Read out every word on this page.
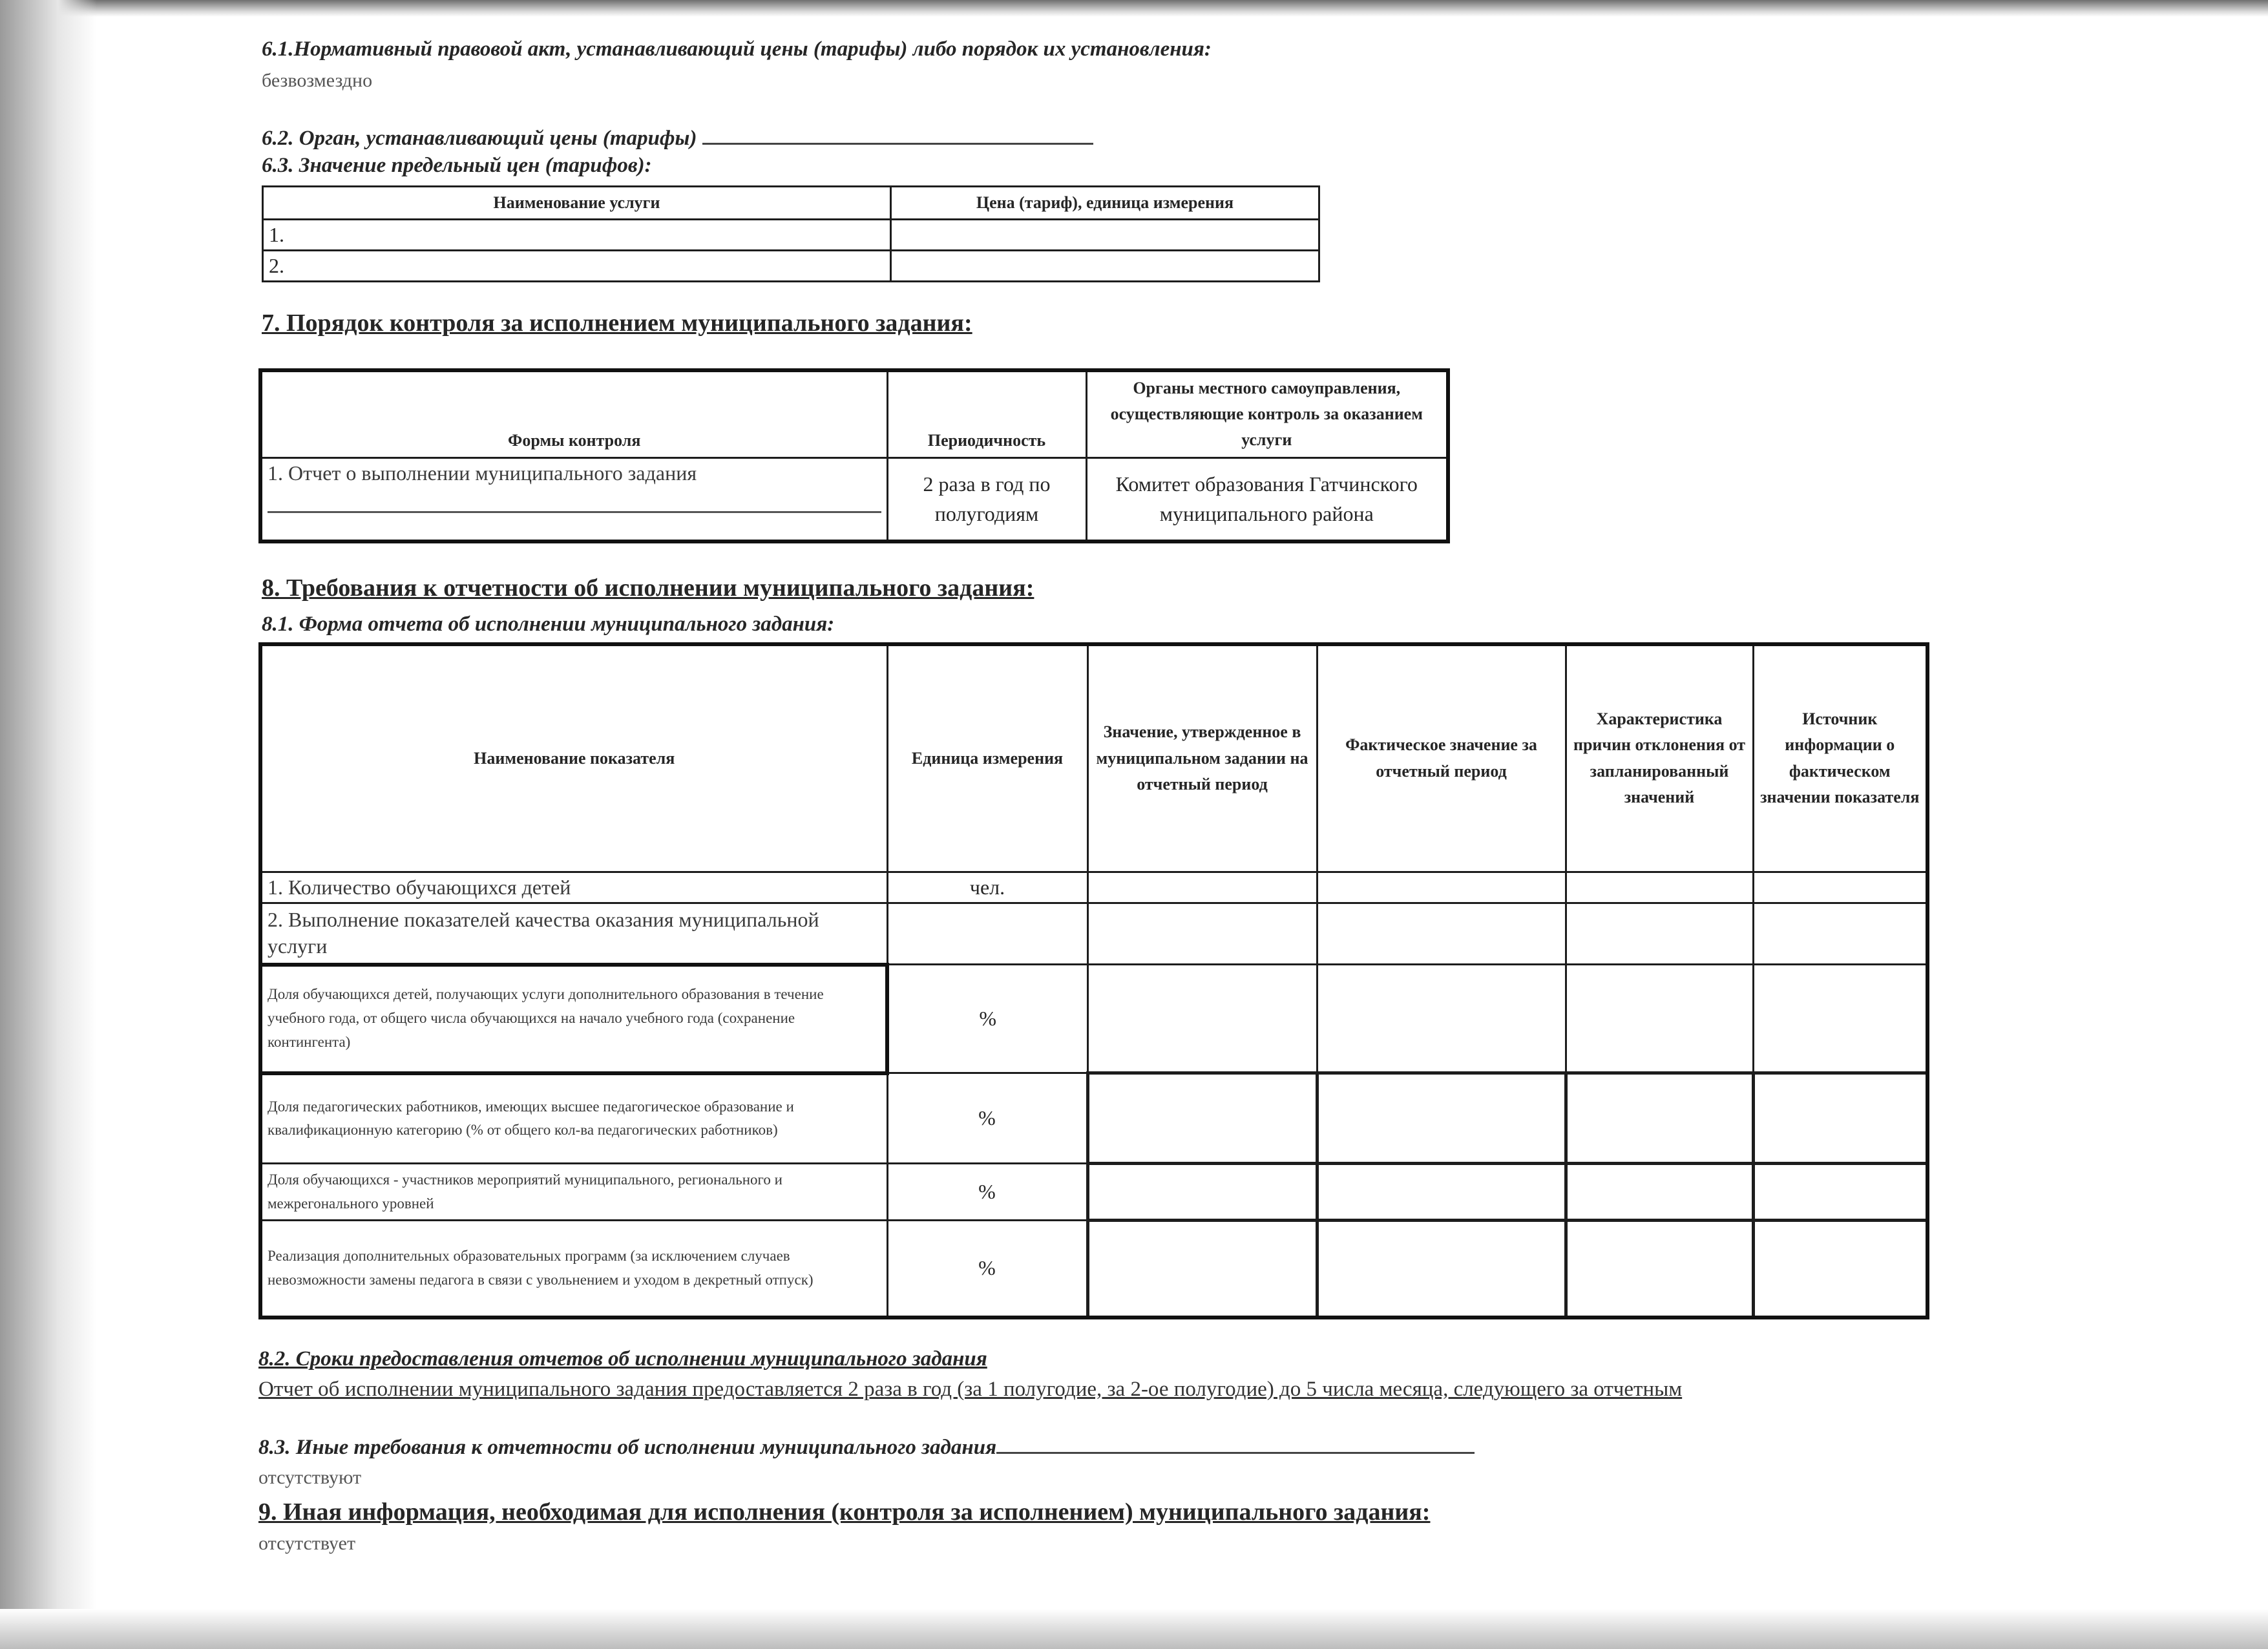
6.1.Нормативный правовой акт, устанавливающий цены (тарифы) либо порядок их установления:
безвозмездно
6.2. Орган, устанавливающий цены (тарифы)
6.3. Значение предельный цен (тарифов):
Наименование услуги	Цена (тариф), единица измерения
1.	
2.	
7. Порядок контроля за исполнением муниципального задания:
Формы контроля	Периодичность	Органы местного самоуправления, осуществляющие контроль за оказанием услуги

1. Отчет о выполнении муниципального задания	2 раза в год по полугодиям	Комитет образования Гатчинского муниципального района
8. Требования к отчетности об исполнении муниципального задания:
8.1. Форма отчета об исполнении муниципального задания:
Наименование показателя	Единица измерения	Значение, утвержденное в муниципальном задании на отчетный период	Фактическое значение за отчетный период	Характеристика причин отклонения от запланированный значений	Источник информации о фактическом значении показателя
1. Количество обучающихся детей	чел.				
2. Выполнение показателей качества оказания муниципальной услуги					
Доля обучающихся детей, получающих услуги дополнительного образования в течение учебного года, от общего числа обучающихся на начало учебного года (сохранение контингента)	%				
Доля педагогических работников, имеющих высшее педагогическое образование и квалификационную категорию (% от общего кол-ва педагогических работников)	%				
Доля обучающихся - участников мероприятий муниципального, регионального и межрегонального уровней	%				
Реализация дополнительных образовательных программ (за исключением случаев невозможности замены педагога в связи с увольнением и уходом в декретный отпуск)	%				
8.2. Сроки предоставления отчетов об исполнении муниципального задания
Отчет об исполнении муниципального задания предоставляется 2 раза в год (за 1 полугодие, за 2-ое полугодие) до 5 числа месяца, следующего за отчетным
8.3. Иные требования к отчетности об исполнении муниципального задания
отсутствуют
9. Иная информация, необходимая для исполнения (контроля за исполнением) муниципального задания:
отсутствует
